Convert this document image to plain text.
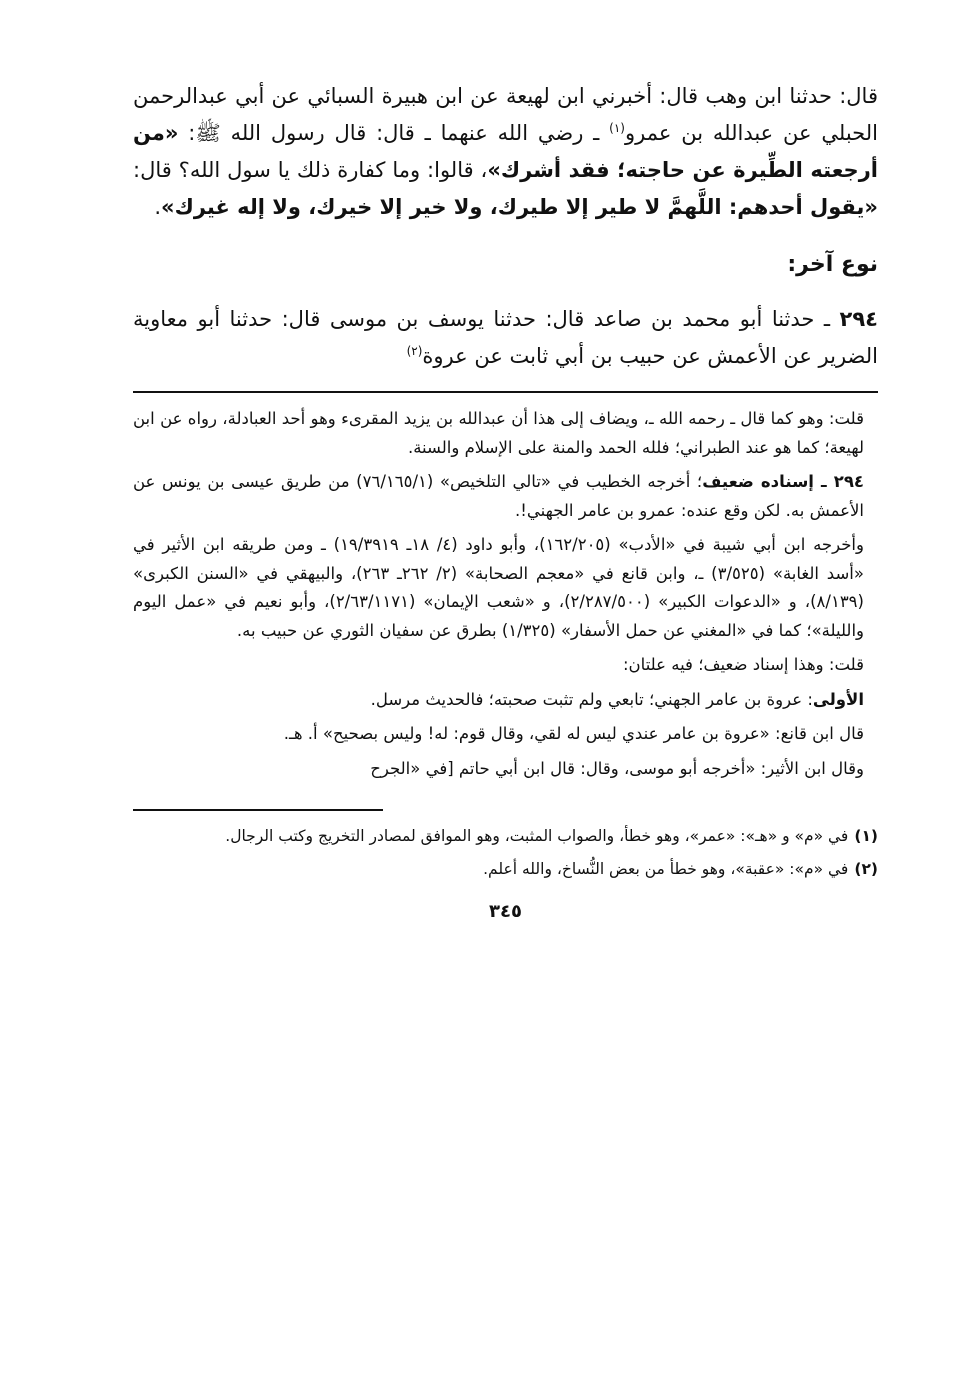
قال: حدثنا ابن وهب قال: أخبرني ابن لهيعة عن ابن هبيرة السبائي عن أبي عبدالرحمن الحبلي عن عبدالله بن عمرو$^{(١)}$ ـ رضي الله عنهما ـ قال: قال رسول الله ﷺ: «من أرجعته الطِّيرة عن حاجته؛ فقد أشرك»، قالوا: وما كفارة ذلك يا سول الله؟ قال: «يقول أحدهم: اللَّهمَّ لا طير إلا طيرك، ولا خير إلا خيرك، ولا إله غيرك».

نوع آخر:

٢٩٤ ـ حدثنا أبو محمد بن صاعد قال: حدثنا يوسف بن موسى قال: حدثنا أبو معاوية الضرير عن الأعمش عن حبيب بن أبي ثابت عن عروة$^{(٢)}$

قلت: وهو كما قال ـ رحمه الله ـ، ويضاف إلى هذا أن عبدالله بن يزيد المقرىء وهو أحد العبادلة، رواه عن ابن لهيعة؛ كما هو عند الطبراني؛ فلله الحمد والمنة على الإسلام والسنة.

٢٩٤ ـ إسناده ضعيف؛ أخرجه الخطيب في «تالي التلخيص» (٧٦/١٦٥/١) من طريق عيسى بن يونس عن الأعمش به. لكن وقع عنده: عمرو بن عامر الجهني!.

وأخرجه ابن أبي شيبة في «الأدب» (١٦٢/٢٠٥)، وأبو داود (٤/ ١٨ـ ١٩/٣٩١٩) ـ ومن طريقه ابن الأثير في «أسد الغابة» (٣/٥٢٥) ـ، وابن قانع في «معجم الصحابة» (٢/ ٢٦٢ـ ٢٦٣)، والبيهقي في «السنن الكبرى» (٨/١٣٩)، و «الدعوات الكبير» (٢/٢٨٧/٥٠٠)، و «شعب الإيمان» (٢/٦٣/١١٧١)، وأبو نعيم في «عمل اليوم والليلة»؛ كما في «المغني عن حمل الأسفار» (١/٣٢٥) بطرق عن سفيان الثوري عن حبيب به.

قلت: وهذا إسناد ضعيف؛ فيه علتان:

الأولى: عروة بن عامر الجهني؛ تابعي ولم تثبت صحبته؛ فالحديث مرسل.

قال ابن قانع: «عروة بن عامر عندي ليس له لقي، وقال قوم: له! وليس بصحيح» أ. هـ.

وقال ابن الأثير: «أخرجه أبو موسى، وقال: قال ابن أبي حاتم [في «الجرح

(١)في «م» و «هـ»: «عمر»، وهو خطأ، والصواب المثبت، وهو الموافق لمصادر التخريج وكتب الرجال.

(٢)في «م»: «عقبة»، وهو خطأ من بعض النُّساخ، والله أعلم.

٣٤٥
